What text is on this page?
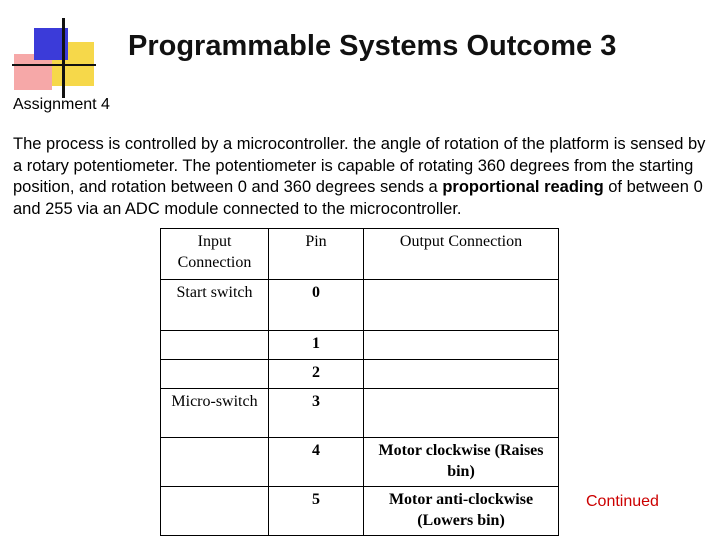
Programmable Systems Outcome 3
Assignment 4
The process is controlled by a microcontroller. the angle of rotation of the platform is sensed by a rotary potentiometer. The potentiometer is capable of rotating 360 degrees from the starting position, and rotation between 0 and 360 degrees sends a proportional reading of between 0 and 255 via an ADC module connected to the microcontroller.
Input Connection	Pin	Output Connection
Start switch	0	
	1	
	2	
Micro-switch	3	
	4	Motor clockwise (Raises bin)
	5	Motor anti-clockwise (Lowers bin)
Continued
